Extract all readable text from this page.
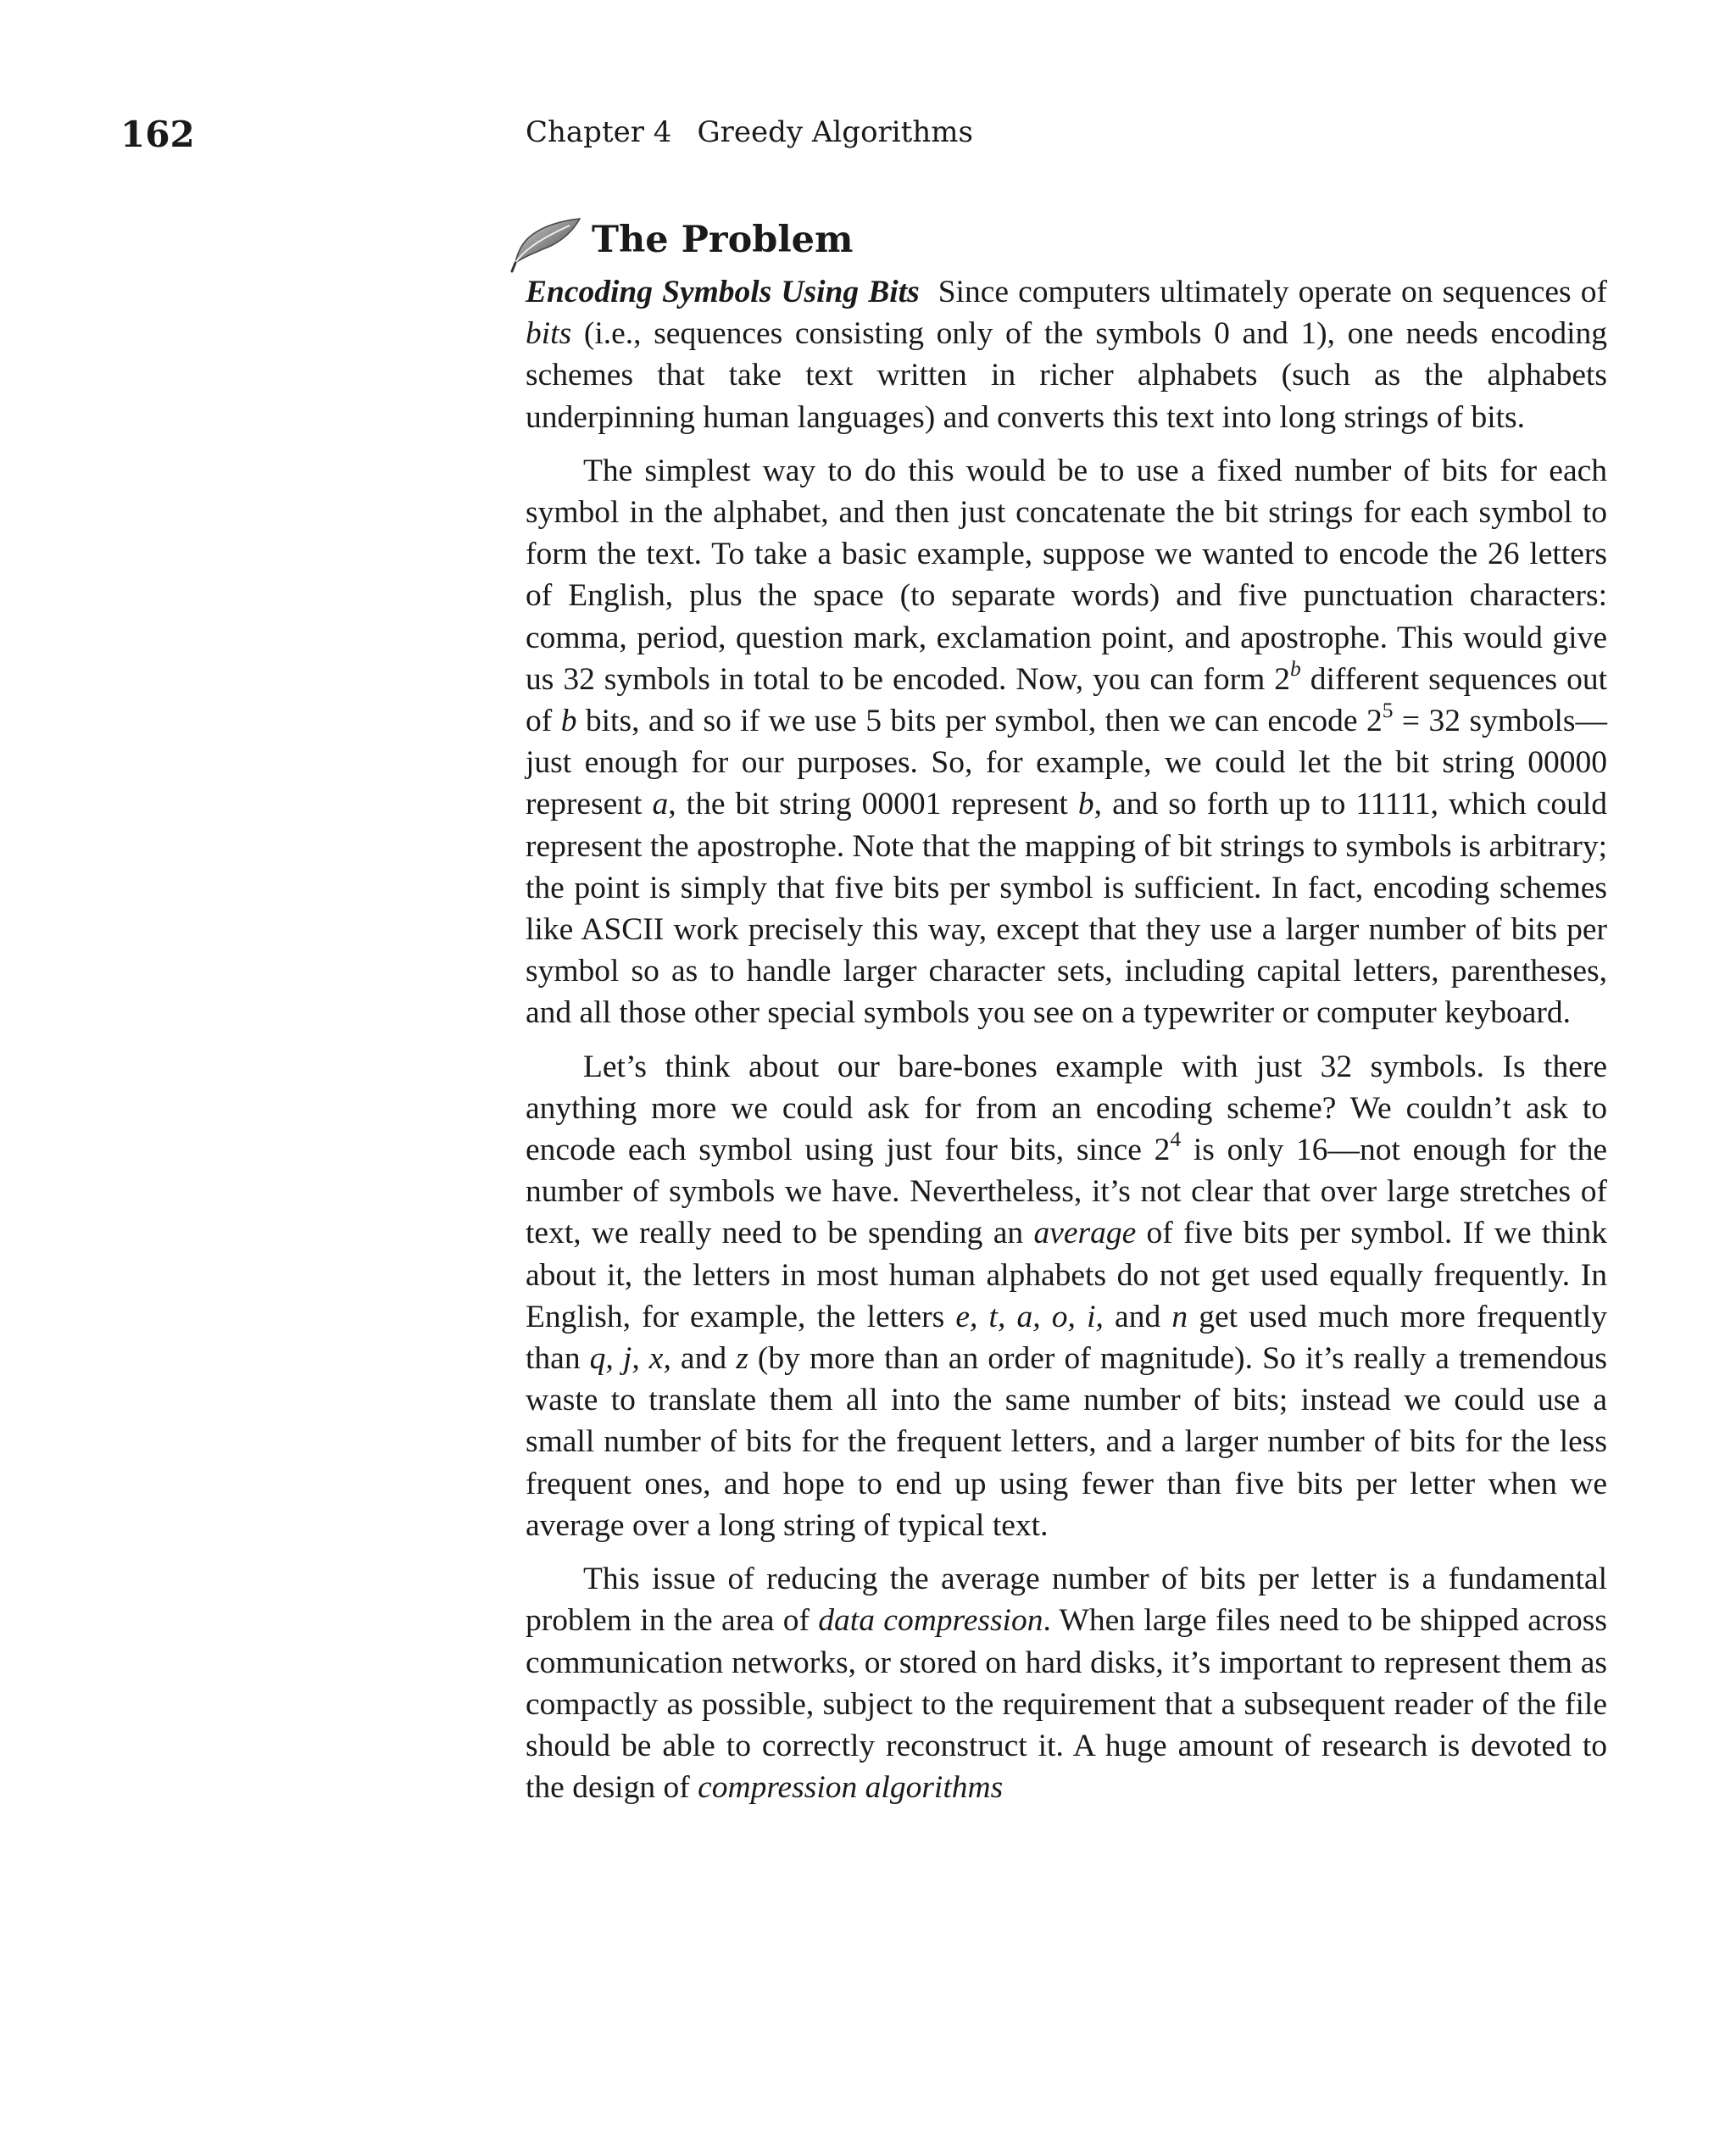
162	Chapter 4 Greedy Algorithms
The Problem

Encoding Symbols Using Bits Since computers ultimately operate on sequences of bits (i.e., sequences consisting only of the symbols 0 and 1), one needs encoding schemes that take text written in richer alphabets (such as the alphabets underpinning human languages) and converts this text into long strings of bits.

The simplest way to do this would be to use a fixed number of bits for each symbol in the alphabet, and then just concatenate the bit strings for each symbol to form the text. To take a basic example, suppose we wanted to encode the 26 letters of English, plus the space (to separate words) and five punctuation characters: comma, period, question mark, exclamation point, and apostrophe. This would give us 32 symbols in total to be encoded. Now, you can form 2$^b$ different sequences out of b bits, and so if we use 5 bits per symbol, then we can encode $2^5 = 32$ symbols—just enough for our purposes. So, for example, we could let the bit string 00000 represent a, the bit string 00001 represent b, and so forth up to 11111, which could represent the apostrophe. Note that the mapping of bit strings to symbols is arbitrary; the point is simply that five bits per symbol is sufficient. In fact, encoding schemes like ASCII work precisely this way, except that they use a larger number of bits per symbol so as to handle larger character sets, including capital letters, parentheses, and all those other special symbols you see on a typewriter or computer keyboard.

Let’s think about our bare-bones example with just 32 symbols. Is there anything more we could ask for from an encoding scheme? We couldn’t ask to encode each symbol using just four bits, since $2^4$ is only 16—not enough for the number of symbols we have. Nevertheless, it’s not clear that over large stretches of text, we really need to be spending an average of five bits per symbol. If we think about it, the letters in most human alphabets do not get used equally frequently. In English, for example, the letters e, t, a, o, i, and n get used much more frequently than q, j, x, and z (by more than an order of magnitude). So it’s really a tremendous waste to translate them all into the same number of bits; instead we could use a small number of bits for the frequent letters, and a larger number of bits for the less frequent ones, and hope to end up using fewer than five bits per letter when we average over a long string of typical text.

This issue of reducing the average number of bits per letter is a fundamental problem in the area of data compression. When large files need to be shipped across communication networks, or stored on hard disks, it’s important to represent them as compactly as possible, subject to the requirement that a subsequent reader of the file should be able to correctly reconstruct it. A huge amount of research is devoted to the design of compression algorithms
